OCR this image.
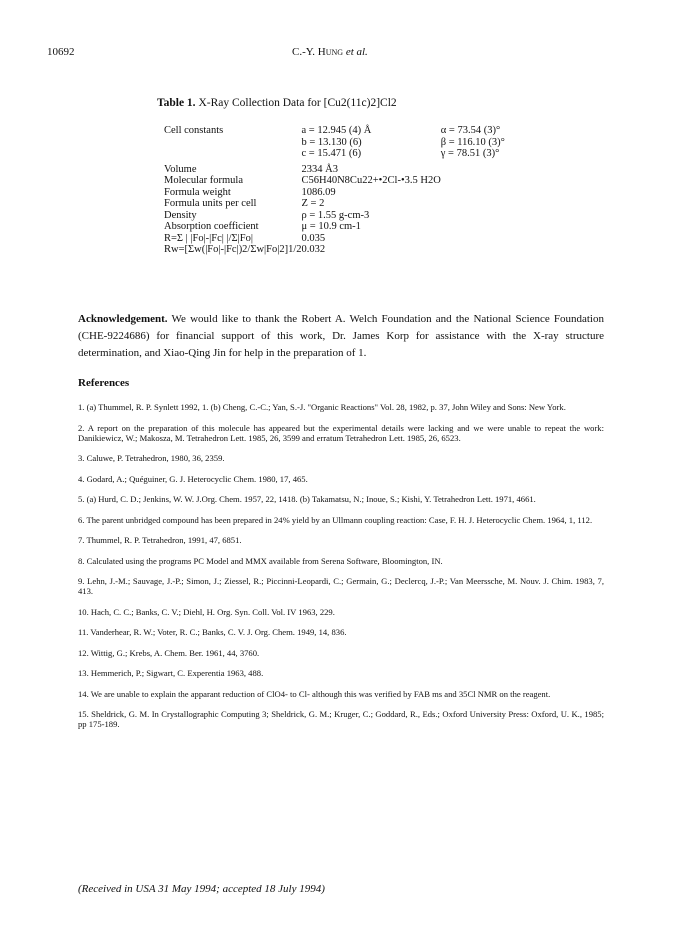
10692	C.-Y. Hung et al.
Table 1. X-Ray Collection Data for [Cu2(11c)2]Cl2
Cell constants	a = 12.945 (4) Å	α = 73.54 (3)°
	b = 13.130 (6)	β = 116.10 (3)°
	c = 15.471 (6)	γ = 78.51 (3)°
Volume	2334 Å3	
Molecular formula	C56H40N8Cu22+•2Cl-•3.5 H2O	
Formula weight	1086.09	
Formula units per cell	Z = 2	
Density	ρ = 1.55 g-cm-3	
Absorption coefficient	μ = 10.9 cm-1	
R=Σ | |Fo|-|Fc| |/Σ|Fo|	0.035	
Rw=[Σw(|Fo|-|Fc|)2/Σw|Fo|2]1/2	0.032	
Acknowledgement. We would like to thank the Robert A. Welch Foundation and the National Science Foundation (CHE-9224686) for financial support of this work, Dr. James Korp for assistance with the X-ray structure determination, and Xiao-Qing Jin for help in the preparation of 1.
References
1. (a) Thummel, R. P. Synlett 1992, 1. (b) Cheng, C.-C.; Yan, S.-J. "Organic Reactions" Vol. 28, 1982, p. 37, John Wiley and Sons: New York.
2. A report on the preparation of this molecule has appeared but the experimental details were lacking and we were unable to repeat the work: Danikiewicz, W.; Makosza, M. Tetrahedron Lett. 1985, 26, 3599 and erratum Tetrahedron Lett. 1985, 26, 6523.
3. Caluwe, P. Tetrahedron, 1980, 36, 2359.
4. Godard, A.; Quéguiner, G. J. Heterocyclic Chem. 1980, 17, 465.
5. (a) Hurd, C. D.; Jenkins, W. W. J.Org. Chem. 1957, 22, 1418. (b) Takamatsu, N.; Inoue, S.; Kishi, Y. Tetrahedron Lett. 1971, 4661.
6. The parent unbridged compound has been prepared in 24% yield by an Ullmann coupling reaction: Case, F. H. J. Heterocyclic Chem. 1964, 1, 112.
7. Thummel, R. P. Tetrahedron, 1991, 47, 6851.
8. Calculated using the programs PC Model and MMX available from Serena Software, Bloomington, IN.
9. Lehn, J.-M.; Sauvage, J.-P.; Simon, J.; Ziessel, R.; Piccinni-Leopardi, C.; Germain, G.; Declercq, J.-P.; Van Meerssche, M. Nouv. J. Chim. 1983, 7, 413.
10. Hach, C. C.; Banks, C. V.; Diehl, H. Org. Syn. Coll. Vol. IV 1963, 229.
11. Vanderhear, R. W.; Voter, R. C.; Banks, C. V. J. Org. Chem. 1949, 14, 836.
12. Wittig, G.; Krebs, A. Chem. Ber. 1961, 44, 3760.
13. Hemmerich, P.; Sigwart, C. Experentia 1963, 488.
14. We are unable to explain the apparant reduction of ClO4- to Cl- although this was verified by FAB ms and 35Cl NMR on the reagent.
15. Sheldrick, G. M. In Crystallographic Computing 3; Sheldrick, G. M.; Kruger, C.; Goddard, R., Eds.; Oxford University Press: Oxford, U. K., 1985; pp 175-189.
(Received in USA 31 May 1994; accepted 18 July 1994)
